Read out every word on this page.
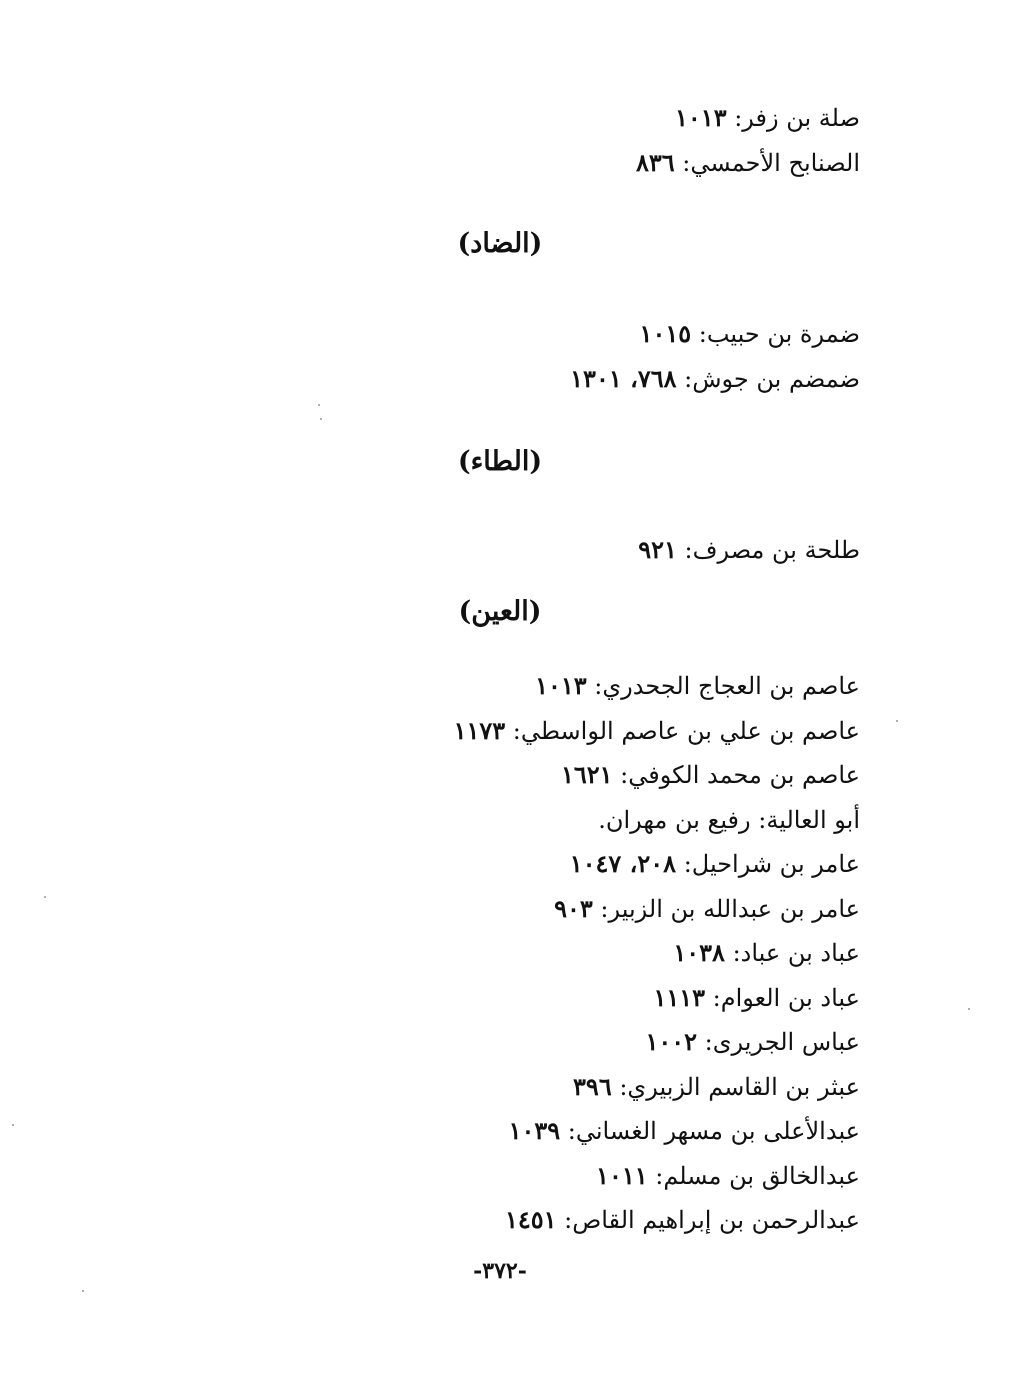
صلة بن زفر: ١٠١٣
الصنابح الأحمسي: ٨٣٦
(الضاد)
ضمرة بن حبيب: ١٠١٥
ضمضم بن جوش: ٧٦٨، ١٣٠١
(الطاء)
طلحة بن مصرف: ٩٢١
(العين)
عاصم بن العجاج الجحدري: ١٠١٣
عاصم بن علي بن عاصم الواسطي: ١١٧٣
عاصم بن محمد الكوفي: ١٦٢١
أبو العالية: رفيع بن مهران.
عامر بن شراحيل: ٢٠٨، ١٠٤٧
عامر بن عبدالله بن الزبير: ٩٠٣
عباد بن عباد: ١٠٣٨
عباد بن العوام: ١١١٣
عباس الجريرى: ١٠٠٢
عبثر بن القاسم الزبيري: ٣٩٦
عبدالأعلى بن مسهر الغساني: ١٠٣٩
عبدالخالق بن مسلم: ١٠١١
عبدالرحمن بن إبراهيم القاص: ١٤٥١
-٣٧٢-
